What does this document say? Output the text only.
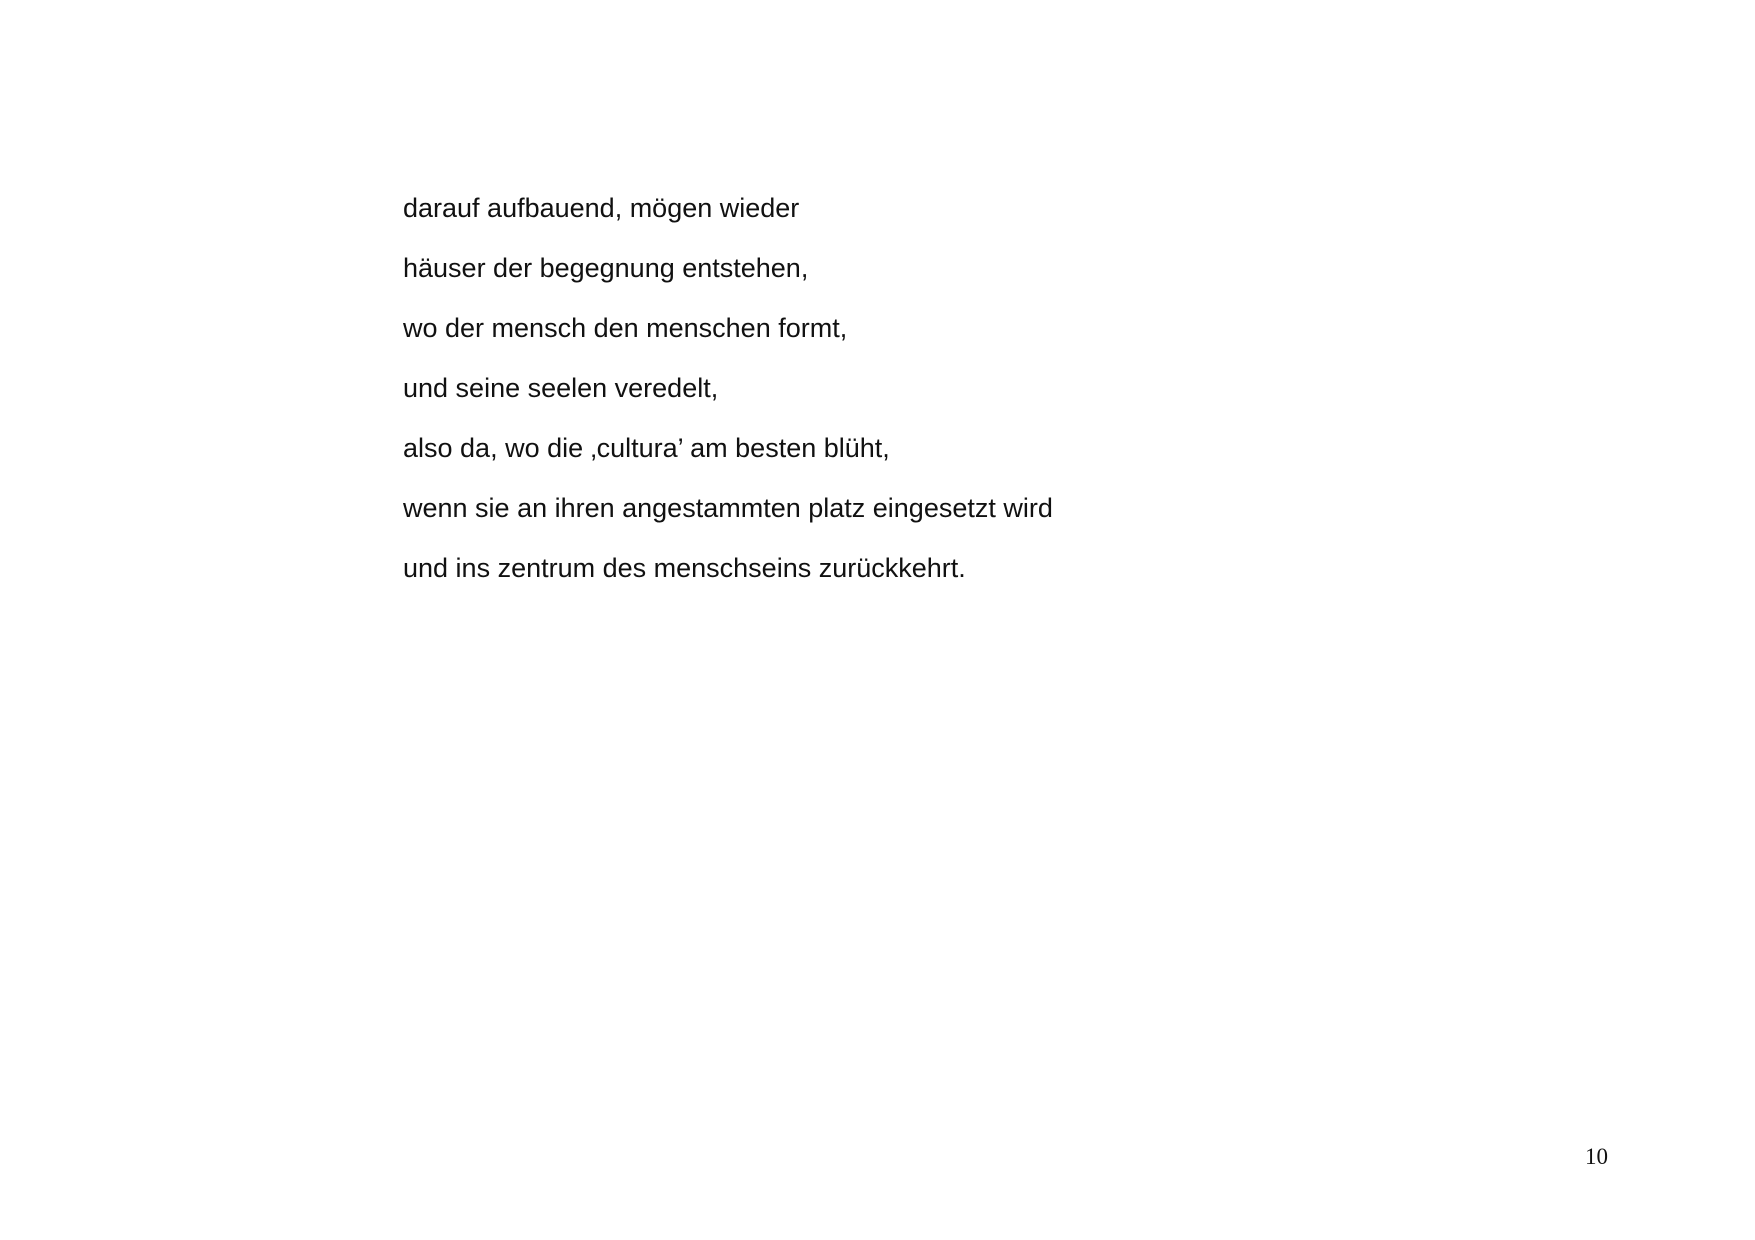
darauf aufbauend, mögen wieder
häuser der begegnung entstehen,
wo der mensch den menschen formt,
und seine seelen veredelt,
also da, wo die ‚cultura’ am besten blüht,
wenn sie an ihren angestammten platz eingesetzt wird
und ins zentrum des menschseins zurückkehrt.
10
